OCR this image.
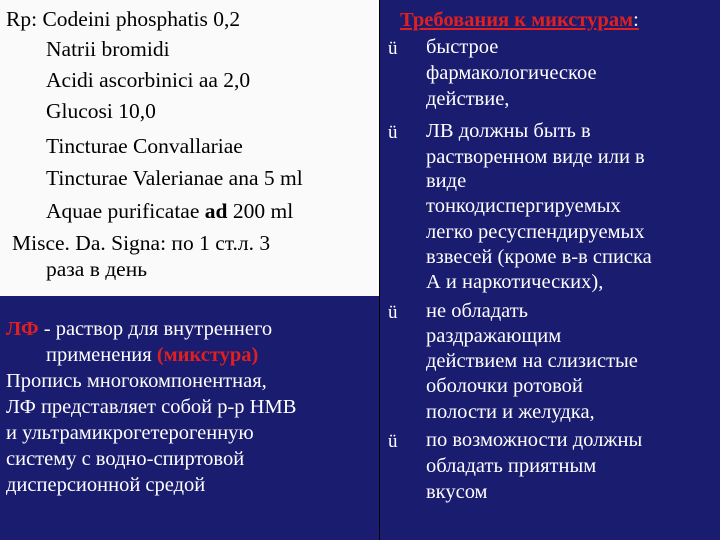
Rp: Codeini phosphatis 0,2
Natrii bromidi
Acidi ascorbinici aa 2,0
Glucosi 10,0
Tincturae Convallariae
Tincturae Valerianae ana 5 ml
Aquae purificatae ad 200 ml
Misce. Da. Signa: по 1 ст.л. 3
раза в день
ЛФ - раствор для внутреннего
применения (микстура)
Пропись многокомпонентная,
ЛФ представляет собой р-р НМВ
и ультрамикрогетерогенную
систему с водно-спиртовой
дисперсионной средой
Требования к микстурам:
ü быстрое
фармакологическое
действие,
ü ЛВ должны быть в
растворенном виде или в
виде
тонкодиспергируемых
легко ресуспендируемых
взвесей (кроме в-в списка
А и наркотических),
ü не обладать
раздражающим
действием на слизистые
оболочки ротовой
полости и желудка,
ü по возможности должны
обладать приятным
вкусом
